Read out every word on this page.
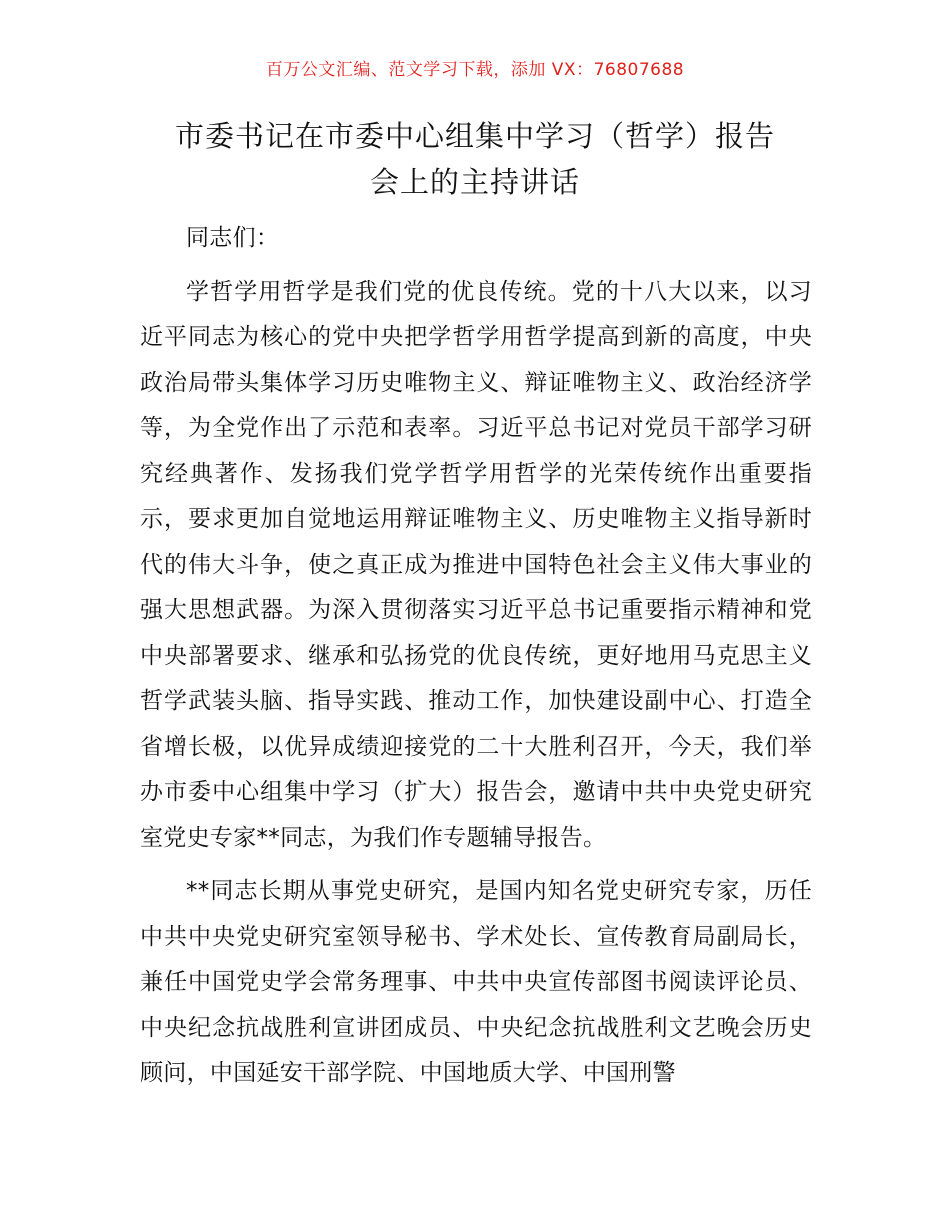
百万公文汇编、范文学习下载，添加 VX：76807688
市委书记在市委中心组集中学习（哲学）报告
会上的主持讲话

同志们：

学哲学用哲学是我们党的优良传统。党的十八大以来，以习近平同志为核心的党中央把学哲学用哲学提高到新的高度，中央政治局带头集体学习历史唯物主义、辩证唯物主义、政治经济学等，为全党作出了示范和表率。习近平总书记对党员干部学习研究经典著作、发扬我们党学哲学用哲学的光荣传统作出重要指示，要求更加自觉地运用辩证唯物主义、历史唯物主义指导新时代的伟大斗争，使之真正成为推进中国特色社会主义伟大事业的强大思想武器。为深入贯彻落实习近平总书记重要指示精神和党中央部署要求、继承和弘扬党的优良传统，更好地用马克思主义哲学武装头脑、指导实践、推动工作，加快建设副中心、打造全省增长极，以优异成绩迎接党的二十大胜利召开，今天，我们举办市委中心组集中学习（扩大）报告会，邀请中共中央党史研究室党史专家**同志，为我们作专题辅导报告。

**同志长期从事党史研究，是国内知名党史研究专家，历任中共中央党史研究室领导秘书、学术处长、宣传教育局副局长，兼任中国党史学会常务理事、中共中央宣传部图书阅读评论员、中央纪念抗战胜利宣讲团成员、中央纪念抗战胜利文艺晚会历史顾问，中国延安干部学院、中国地质大学、中国刑警
